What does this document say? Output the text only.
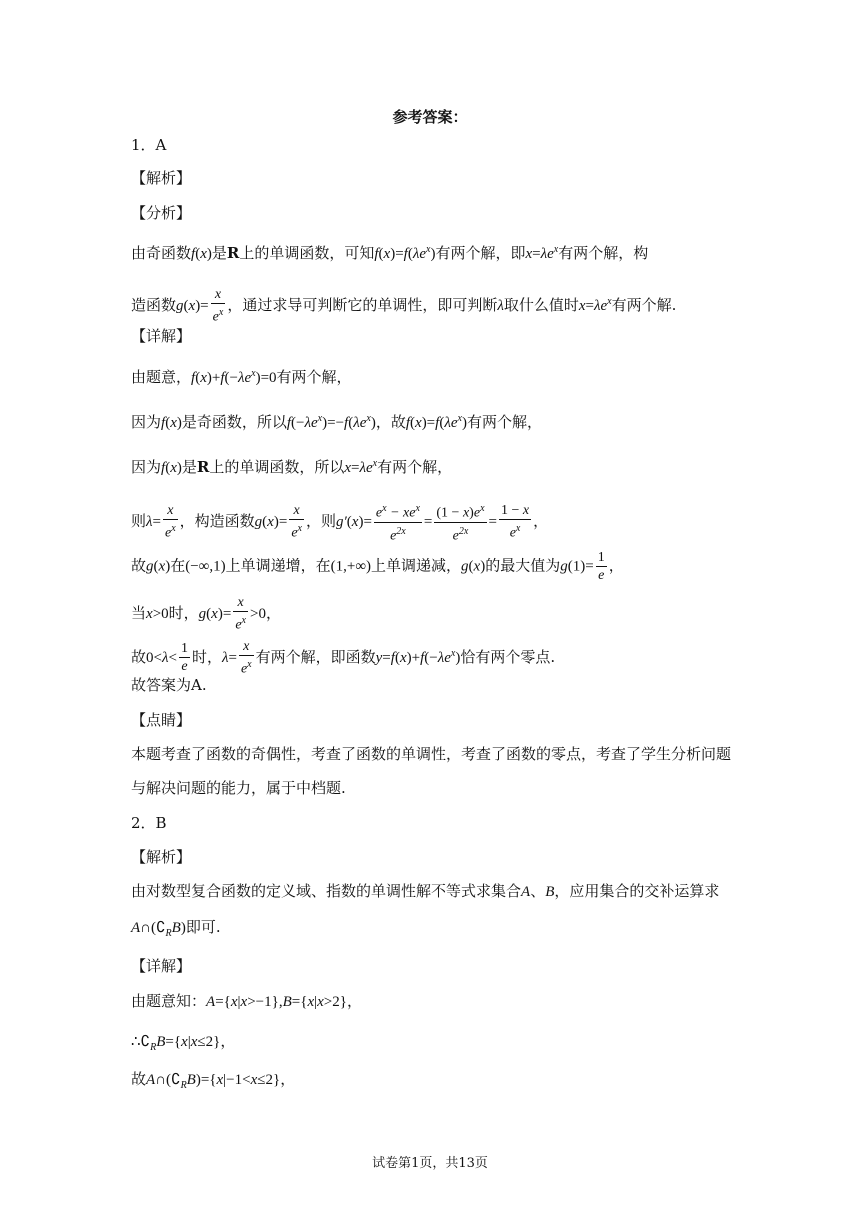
参考答案：
1．A
【解析】
【分析】
由奇函数f(x)是R上的单调函数，可知$f(x)=f(\lambda e^x)$有两个解，即$x=\lambda e^x$有两个解，构
造函数$g(x)= \frac{x}{e^x}$ ，通过求导可判断它的单调性，即可判断λ取什么值时$x=\lambda e^x$有两个解.
【详解】
由题意，$f(x)+f(-\lambda e^x)=0$有两个解，
因为f(x)是奇函数，所以$f(-\lambda e^x)=-f(\lambda e^x)$，故$f(x)=f(\lambda e^x)$有两个解，
因为f(x)是R上的单调函数，所以$x=\lambda e^x$有两个解，
则$\lambda= \frac{x}{e^x}$ ，构造函数$g(x)= \frac{x}{e^x}$ ，则$g'(x)= \frac{e^x - xe^x}{e^{2x}} = \frac{(1 - x)e^x}{e^{2x}} = \frac{1 - x}{e^x}$ ，
故g(x)在(−∞,1)上单调递增，在(1,+∞)上单调递减，g(x)的最大值为$g(1)= \frac{1}{e}$ ，
当x>0时，$g(x)= \frac{x}{e^x} >0$，
故$0<\lambda< \frac{1}{e}$ 时，$\lambda= \frac{x}{e^x}$ 有两个解，即函数$y=f(x)+f(-\lambda e^x)$恰有两个零点.
故答案为A.
【点睛】
本题考查了函数的奇偶性，考查了函数的单调性，考查了函数的零点，考查了学生分析问题
与解决问题的能力，属于中档题.
2．B
【解析】
由对数型复合函数的定义域、指数的单调性解不等式求集合A、B，应用集合的交补运算求
$A\cap(∁_RB)$即可.
【详解】
由题意知：A={x|x>−1},B={x|x>2}，
$\therefore∁_RB=\{x|x\le 2\}$，
故$A\cap(∁_RB)=\{x|-1<x\le 2\}$，
试卷第1页，共13页
